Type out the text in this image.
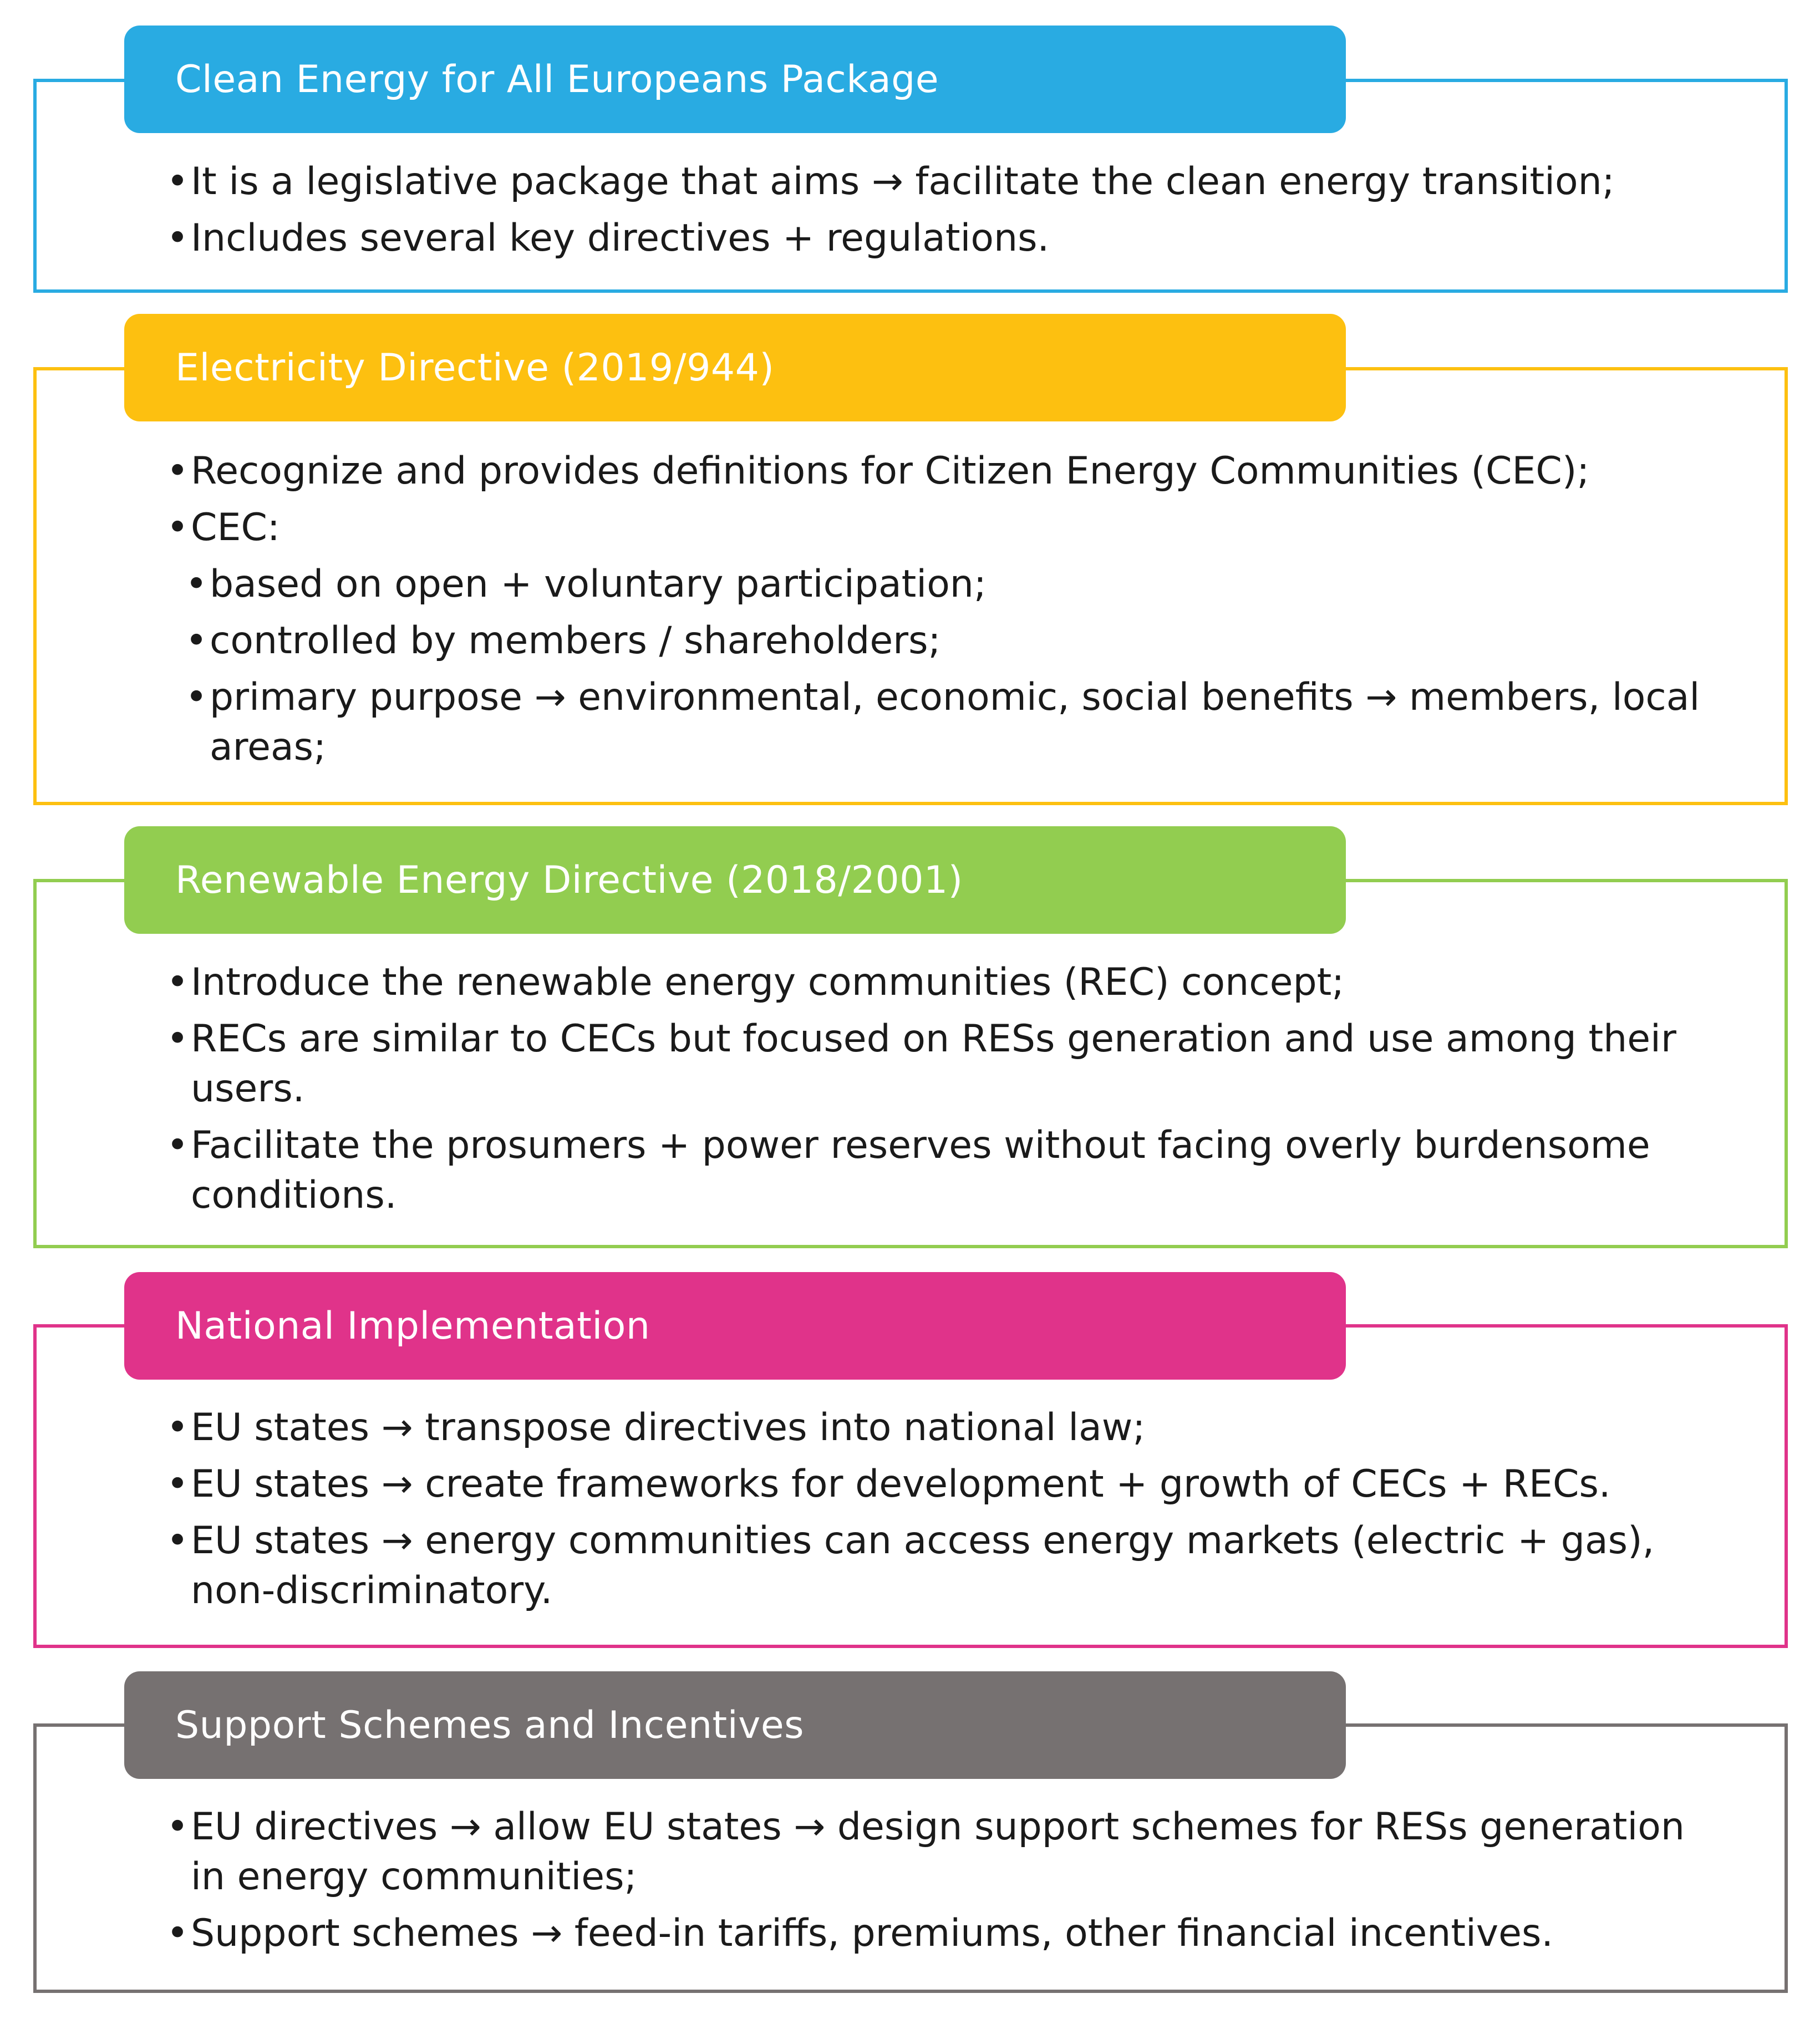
Clean Energy for All Europeans Package
• It is a legislative package that aims → facilitate the clean energy transition;
• Includes several key directives + regulations.
Electricity Directive (2019/944)
• Recognize and provides definitions for Citizen Energy Communities (CEC);
• CEC:
• based on open + voluntary participation;
• controlled by members / shareholders;
• primary purpose → environmental, economic, social benefits → members, local areas;
Renewable Energy Directive (2018/2001)
• Introduce the renewable energy communities (REC) concept;
• RECs are similar to CECs but focused on RESs generation and use among their users.
• Facilitate the prosumers + power reserves without facing overly burdensome conditions.
National Implementation
• EU states → transpose directives into national law;
• EU states → create frameworks for development + growth of CECs + RECs.
• EU states → energy communities can access energy markets (electric + gas), non-discriminatory.
Support Schemes and Incentives
• EU directives → allow EU states → design support schemes for RESs generation in energy communities;
• Support schemes → feed-in tariffs, premiums, other financial incentives.
